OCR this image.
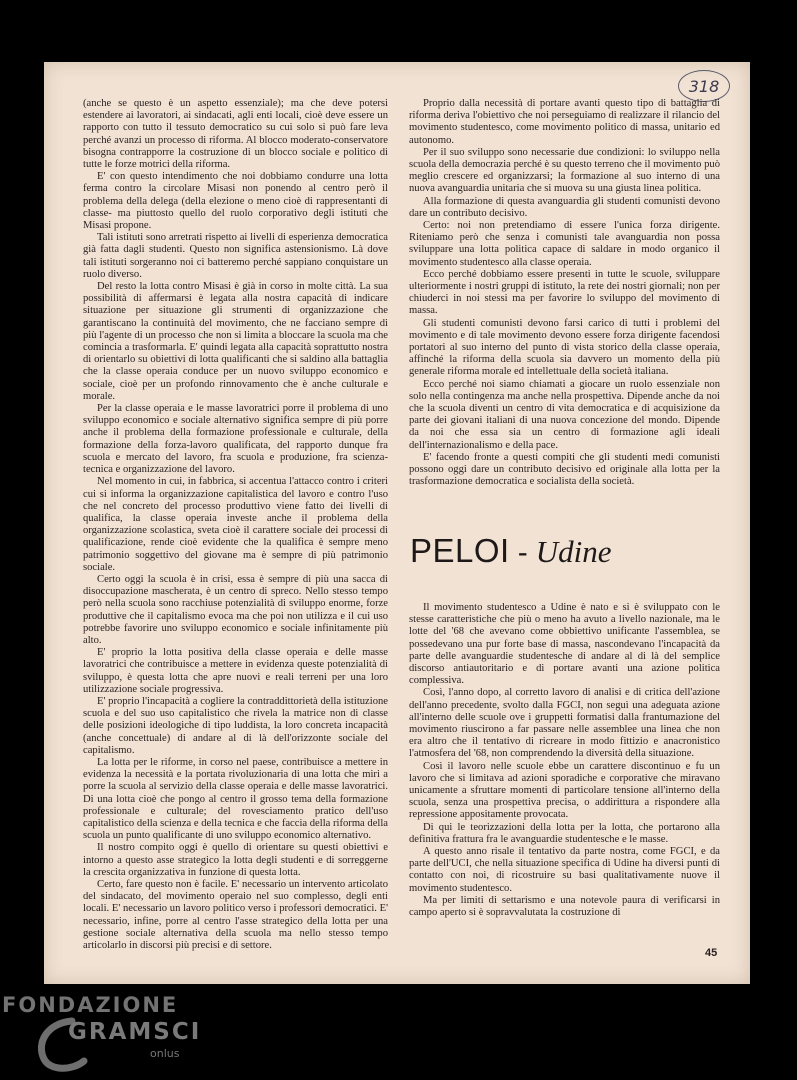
318

(anche se questo è un aspetto essenziale); ma che deve potersi estendere ai lavoratori, ai sindacati, agli enti locali, cioè deve essere un rapporto con tutto il tessuto democratico su cui solo si può fare leva perché avanzi un processo di riforma. Al blocco moderato-conservatore bisogna contrapporre la costruzione di un blocco sociale e politico di tutte le forze motrici della riforma.

E' con questo intendimento che noi dobbiamo condurre una lotta ferma contro la circolare Misasi non ponendo al centro però il problema della delega (della elezione o meno cioè di rappresentanti di classe- ma piuttosto quello del ruolo corporativo degli istituti che Misasi propone.

Tali istituti sono arretrati rispetto ai livelli di esperienza democratica già fatta dagli studenti. Questo non significa astensionismo. Là dove tali istituti sorgeranno noi ci batteremo perché sappiano conquistare un ruolo diverso.

Del resto la lotta contro Misasi è già in corso in molte città. La sua possibilità di affermarsi è legata alla nostra capacità di indicare situazione per situazione gli strumenti di organizzazione che garantiscano la continuità del movimento, che ne facciano sempre di più l'agente di un processo che non si limita a bloccare la scuola ma che comincia a trasformarla. E' quindi legata alla capacità soprattutto nostra di orientarlo su obiettivi di lotta qualificanti che si saldino alla battaglia che la classe operaia conduce per un nuovo sviluppo economico e sociale, cioè per un profondo rinnovamento che è anche culturale e morale.

Per la classe operaia e le masse lavoratrici porre il problema di uno sviluppo economico e sociale alternativo significa sempre di più porre anche il problema della formazione professionale e culturale, della formazione della forza-lavoro qualificata, del rapporto dunque fra scuola e mercato del lavoro, fra scuola e produzione, fra scienza-tecnica e organizzazione del lavoro.

Nel momento in cui, in fabbrica, si accentua l'attacco contro i criteri cui si informa la organizzazione capitalistica del lavoro e contro l'uso che nel concreto del processo produttivo viene fatto dei livelli di qualifica, la classe operaia investe anche il problema della organizzazione scolastica, sveta cioè il carattere sociale dei processi di qualificazione, rende cioè evidente che la qualifica è sempre meno patrimonio soggettivo del giovane ma è sempre di più patrimonio sociale.

Certo oggi la scuola è in crisi, essa è sempre di più una sacca di disoccupazione mascherata, è un centro di spreco. Nello stesso tempo però nella scuola sono racchiuse potenzialità di sviluppo enorme, forze produttive che il capitalismo evoca ma che poi non utilizza e il cui uso potrebbe favorire uno sviluppo economico e sociale infinitamente più alto.

E' proprio la lotta positiva della classe operaia e delle masse lavoratrici che contribuisce a mettere in evidenza queste potenzialità di sviluppo, è questa lotta che apre nuovi e reali terreni per una loro utilizzazione sociale progressiva.

E' proprio l'incapacità a cogliere la contraddittorietà della istituzione scuola e del suo uso capitalistico che rivela la matrice non di classe delle posizioni ideologiche di tipo luddista, la loro concreta incapacità (anche concettuale) di andare al di là dell'orizzonte sociale del capitalismo.

La lotta per le riforme, in corso nel paese, contribuisce a mettere in evidenza la necessità e la portata rivoluzionaria di una lotta che miri a porre la scuola al servizio della classe operaia e delle masse lavoratrici. Di una lotta cioè che pongo al centro il grosso tema della formazione professionale e culturale; del rovesciamento pratico dell'uso capitalistico della scienza e della tecnica e che faccia della riforma della scuola un punto qualificante di uno sviluppo economico alternativo.

Il nostro compito oggi è quello di orientare su questi obiettivi e intorno a questo asse strategico la lotta degli studenti e di sorreggerne la crescita organizzativa in funzione di questa lotta.

Certo, fare questo non è facile. E' necessario un intervento articolato del sindacato, del movimento operaio nel suo complesso, degli enti locali. E' necessario un lavoro politico verso i professori democratici. E' necessario, infine, porre al centro l'asse strategico della lotta per una gestione sociale alternativa della scuola ma nello stesso tempo articolarlo in discorsi più precisi e di settore.

Proprio dalla necessità di portare avanti questo tipo di battaglia di riforma deriva l'obiettivo che noi perseguiamo di realizzare il rilancio del movimento studentesco, come movimento politico di massa, unitario ed autonomo.

Per il suo sviluppo sono necessarie due condizioni: lo sviluppo nella scuola della democrazia perché è su questo terreno che il movimento può meglio crescere ed organizzarsi; la formazione al suo interno di una nuova avanguardia unitaria che si muova su una giusta linea politica.

Alla formazione di questa avanguardia gli studenti comunisti devono dare un contributo decisivo.

Certo: noi non pretendiamo di essere l'unica forza dirigente. Riteniamo però che senza i comunisti tale avanguardia non possa sviluppare una lotta politica capace di saldare in modo organico il movimento studentesco alla classe operaia.

Ecco perché dobbiamo essere presenti in tutte le scuole, sviluppare ulteriormente i nostri gruppi di istituto, la rete dei nostri giornali; non per chiuderci in noi stessi ma per favorire lo sviluppo del movimento di massa.

Gli studenti comunisti devono farsi carico di tutti i problemi del movimento e di tale movimento devono essere forza dirigente facendosi portatori al suo interno del punto di vista storico della classe operaia, affinché la riforma della scuola sia davvero un momento della più generale riforma morale ed intellettuale della società italiana.

Ecco perché noi siamo chiamati a giocare un ruolo essenziale non solo nella contingenza ma anche nella prospettiva. Dipende anche da noi che la scuola diventi un centro di vita democratica e di acquisizione da parte dei giovani italiani di una nuova concezione del mondo. Dipende da noi che essa sia un centro di formazione agli ideali dell'internazionalismo e della pace.

E' facendo fronte a questi compiti che gli studenti medi comunisti possono oggi dare un contributo decisivo ed originale alla lotta per la trasformazione democratica e socialista della società.

PELOI - Udine

Il movimento studentesco a Udine è nato e si è sviluppato con le stesse caratteristiche che più o meno ha avuto a livello nazionale, ma le lotte del '68 che avevano come obbiettivo unificante l'assemblea, se possedevano una pur forte base di massa, nascondevano l'incapacità da parte delle avanguardie studentesche di andare al di là del semplice discorso antiautoritario e di portare avanti una azione politica complessiva.

Così, l'anno dopo, al corretto lavoro di analisi e di critica dell'azione dell'anno precedente, svolto dalla FGCI, non seguì una adeguata azione all'interno delle scuole ove i gruppetti formatisi dalla frantumazione del movimento riuscirono a far passare nelle assemblee una linea che non era altro che il tentativo di ricreare in modo fittizio e anacronistico l'atmosfera del '68, non comprendendo la diversità della situazione.

Così il lavoro nelle scuole ebbe un carattere discontinuo e fu un lavoro che si limitava ad azioni sporadiche e corporative che miravano unicamente a sfruttare momenti di particolare tensione all'interno della scuola, senza una prospettiva precisa, o addirittura a rispondere alla repressione appositamente provocata.

Di qui le teorizzazioni della lotta per la lotta, che portarono alla definitiva frattura fra le avanguardie studentesche e le masse.

A questo anno risale il tentativo da parte nostra, come FGCI, e da parte dell'UCI, che nella situazione specifica di Udine ha diversi punti di contatto con noi, di ricostruire su basi qualitativamente nuove il movimento studentesco.

Ma per limiti di settarismo e una notevole paura di verificarsi in campo aperto si è sopravvalutata la costruzione di

45
FONDAZIONE
GRAMSCI
onlus
